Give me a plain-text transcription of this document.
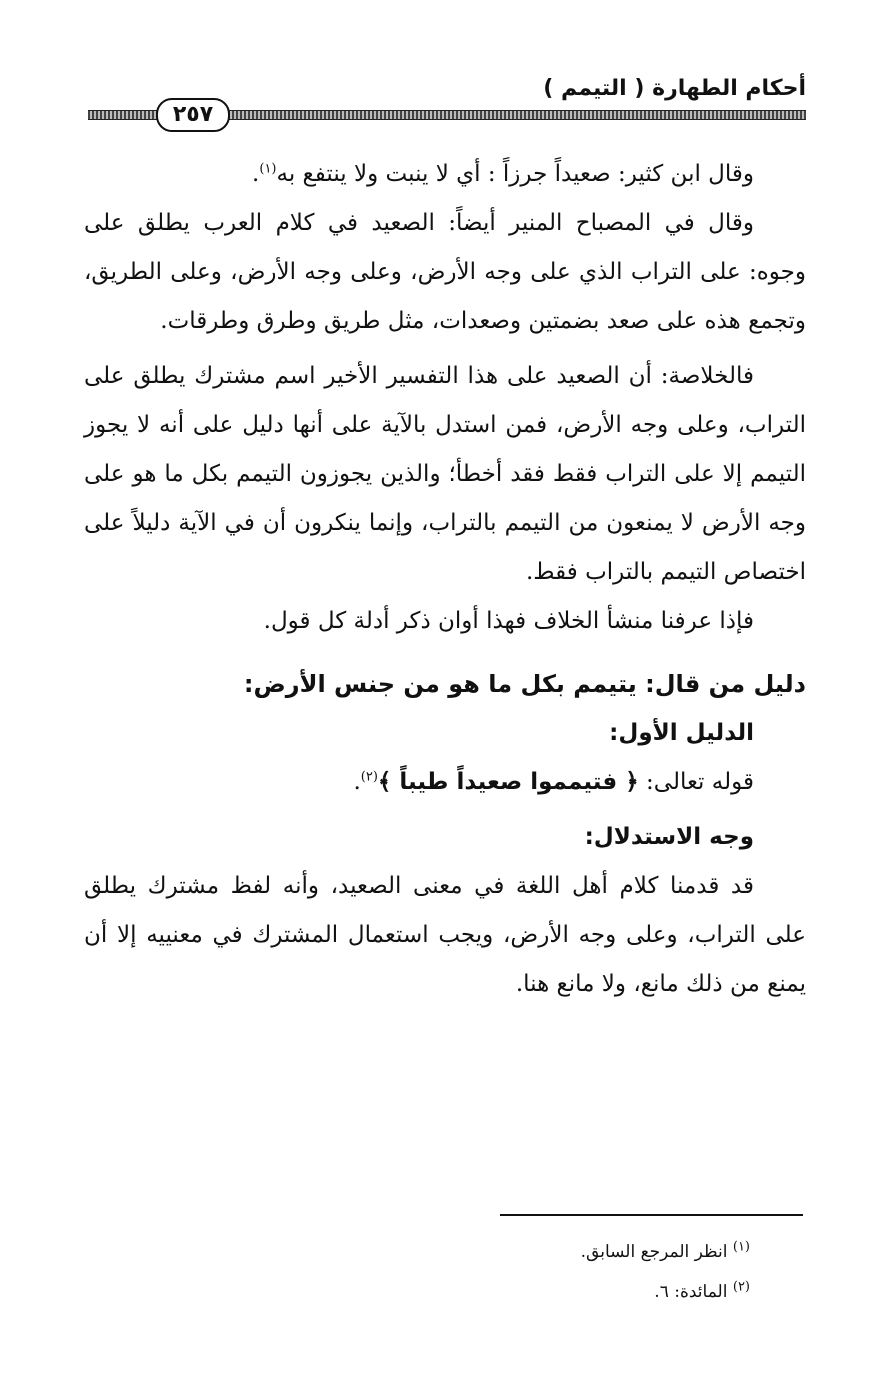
أحكام الطهارة ( التيمم )
٢٥٧

وقال ابن كثير: صعيداً جرزاً : أي لا ينبت ولا ينتفع به$^{(١)}$.

وقال في المصباح المنير أيضاً: الصعيد في كلام العرب يطلق على وجوه: على التراب الذي على وجه الأرض، وعلى وجه الأرض، وعلى الطريق، وتجمع هذه على صعد بضمتين وصعدات، مثل طريق وطرق وطرقات.

فالخلاصة: أن الصعيد على هذا التفسير الأخير اسم مشترك يطلق على التراب، وعلى وجه الأرض، فمن استدل بالآية على أنها دليل على أنه لا يجوز التيمم إلا على التراب فقط فقد أخطأ؛ والذين يجوزون التيمم بكل ما هو على وجه الأرض لا يمنعون من التيمم بالتراب، وإنما ينكرون أن في الآية دليلاً على اختصاص التيمم بالتراب فقط.

فإذا عرفنا منشأ الخلاف فهذا أوان ذكر أدلة كل قول.

دليل من قال: يتيمم بكل ما هو من جنس الأرض:

الدليل الأول:

قوله تعالى: ﴿ فتيمموا صعيداً طيباً ﴾$^{(٢)}$.

وجه الاستدلال:

قد قدمنا كلام أهل اللغة في معنى الصعيد، وأنه لفظ مشترك يطلق على التراب، وعلى وجه الأرض، ويجب استعمال المشترك في معنييه إلا أن يمنع من ذلك مانع، ولا مانع هنا.

$^{(١)}$ انظر المرجع السابق.

$^{(٢)}$ المائدة: ٦.
